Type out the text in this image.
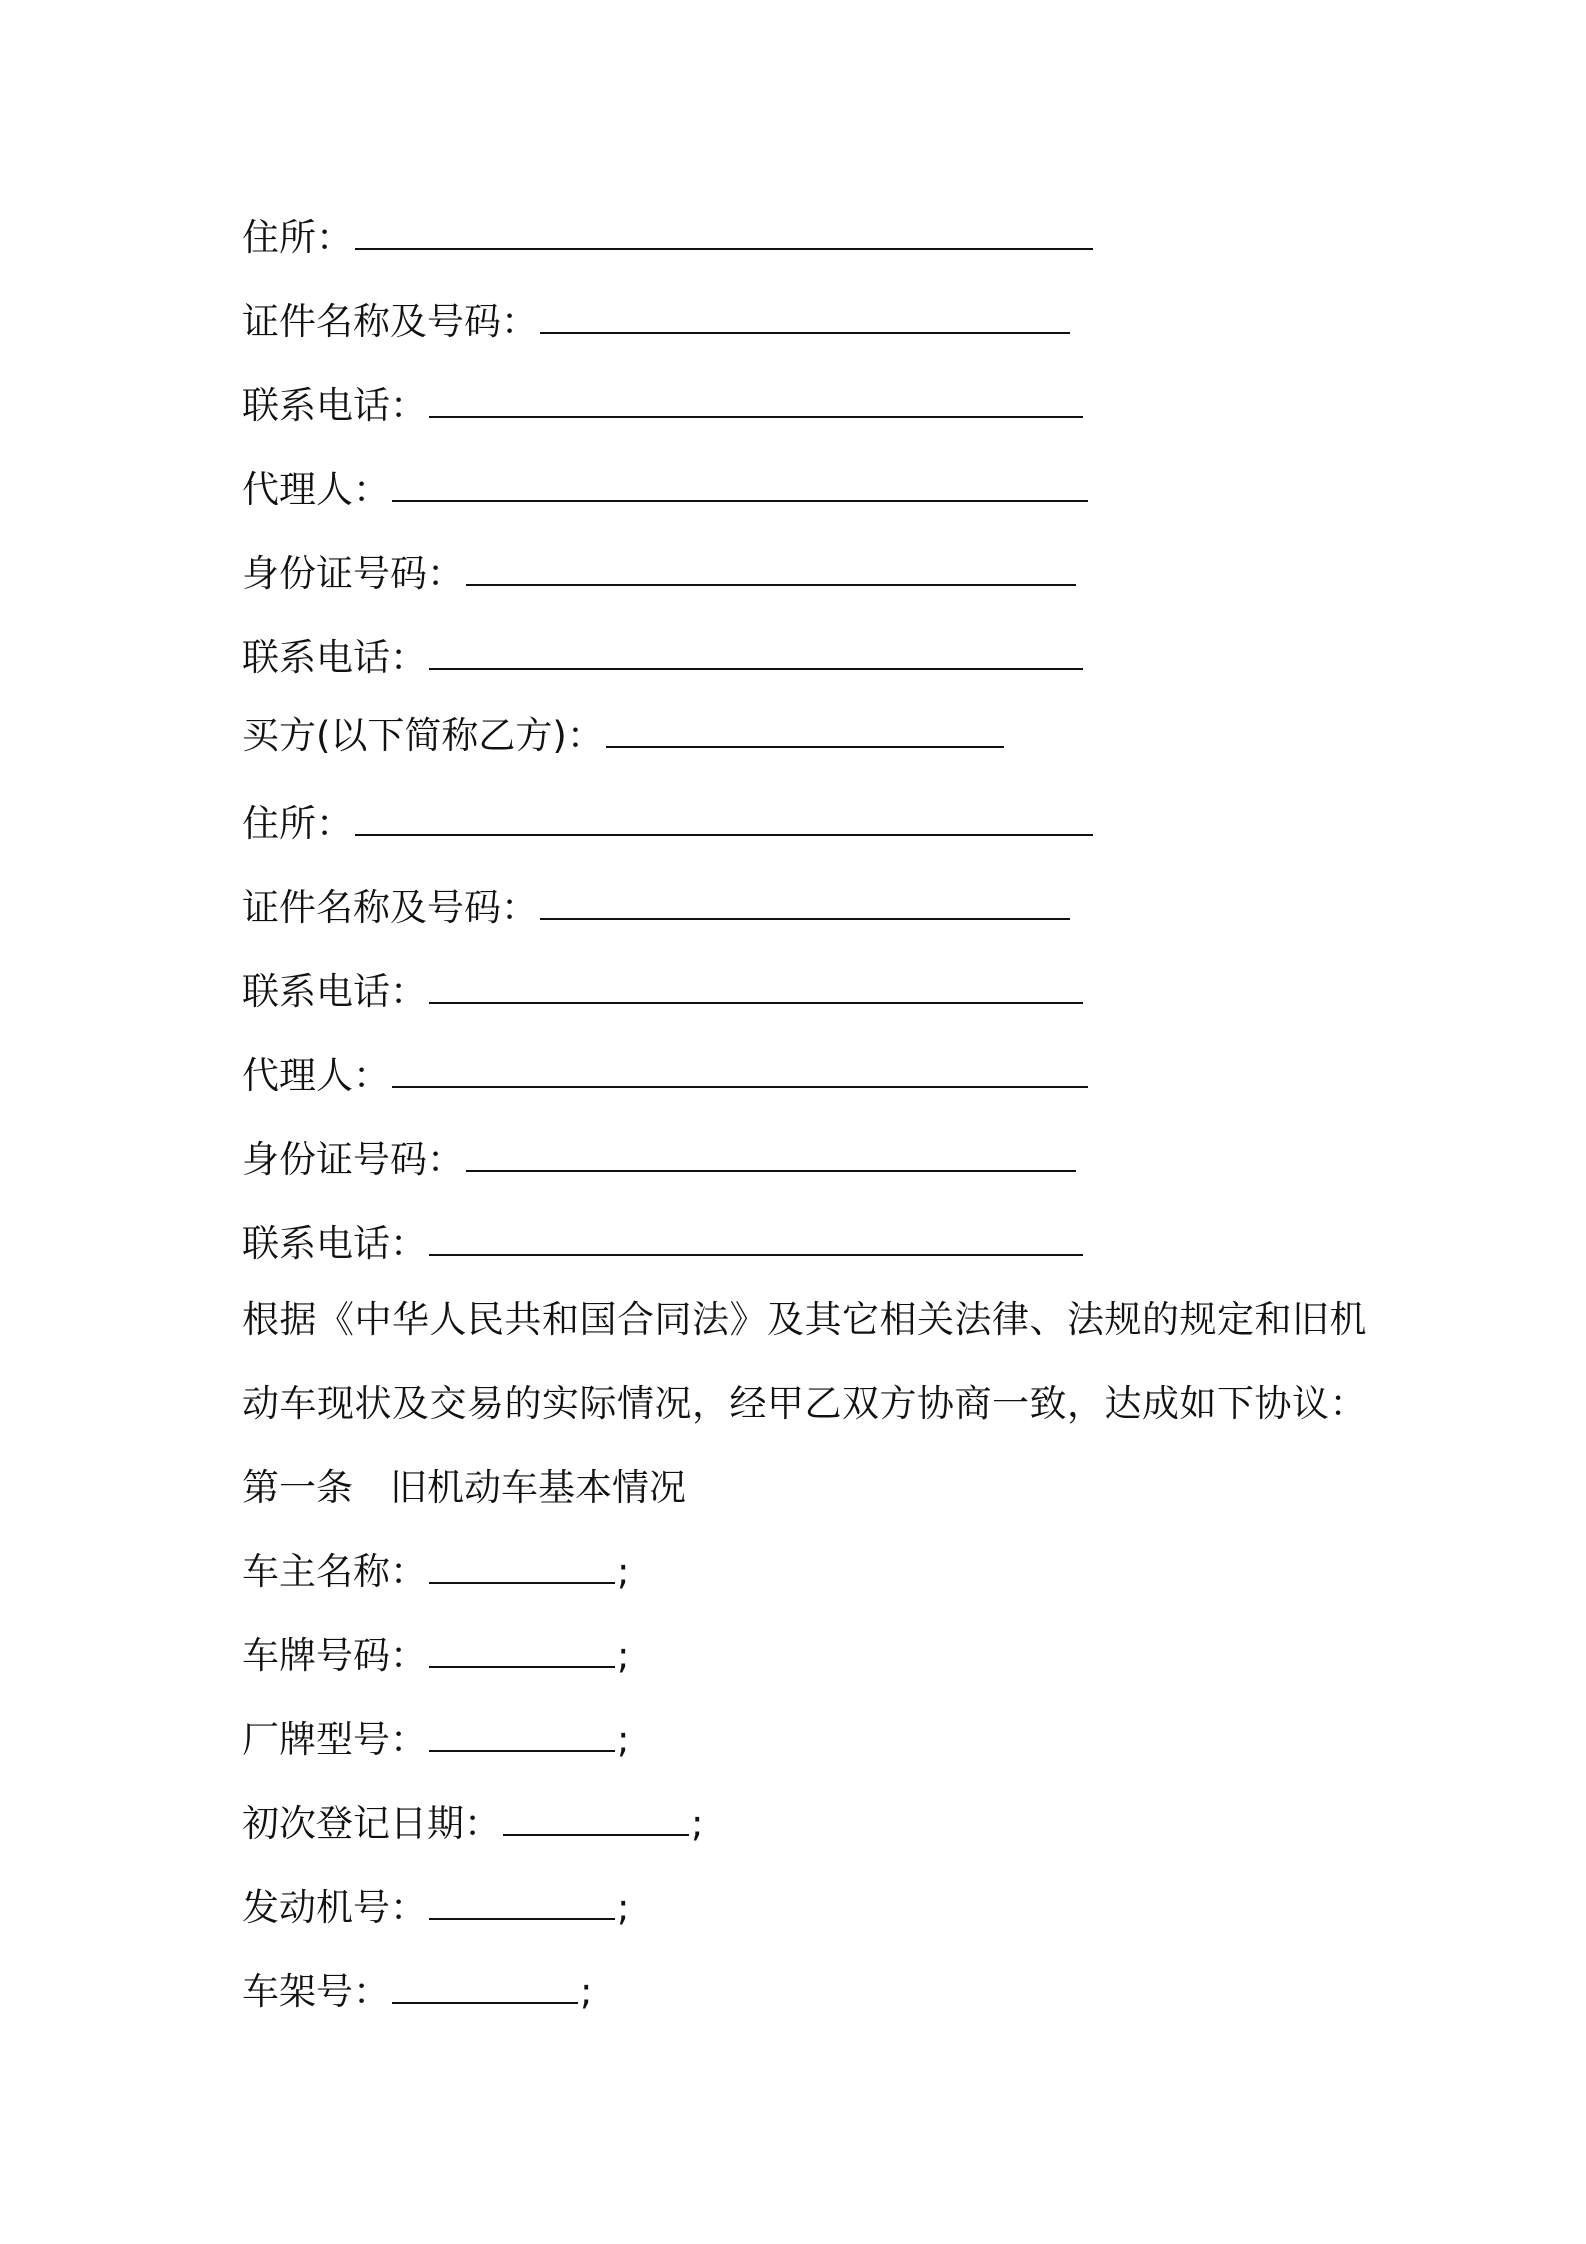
住所：
证件名称及号码：
联系电话：
代理人：
身份证号码：
联系电话：
买方(以下简称乙方)：
住所：
证件名称及号码：
联系电话：
代理人：
身份证号码：
联系电话：
根据《中华人民共和国合同法》及其它相关法律、法规的规定和旧机
动车现状及交易的实际情况，经甲乙双方协商一致，达成如下协议：
第一条　旧机动车基本情况
车主名称：	;
车牌号码：	;
厂牌型号：	;
初次登记日期：	;
发动机号：	;
车架号：	;
